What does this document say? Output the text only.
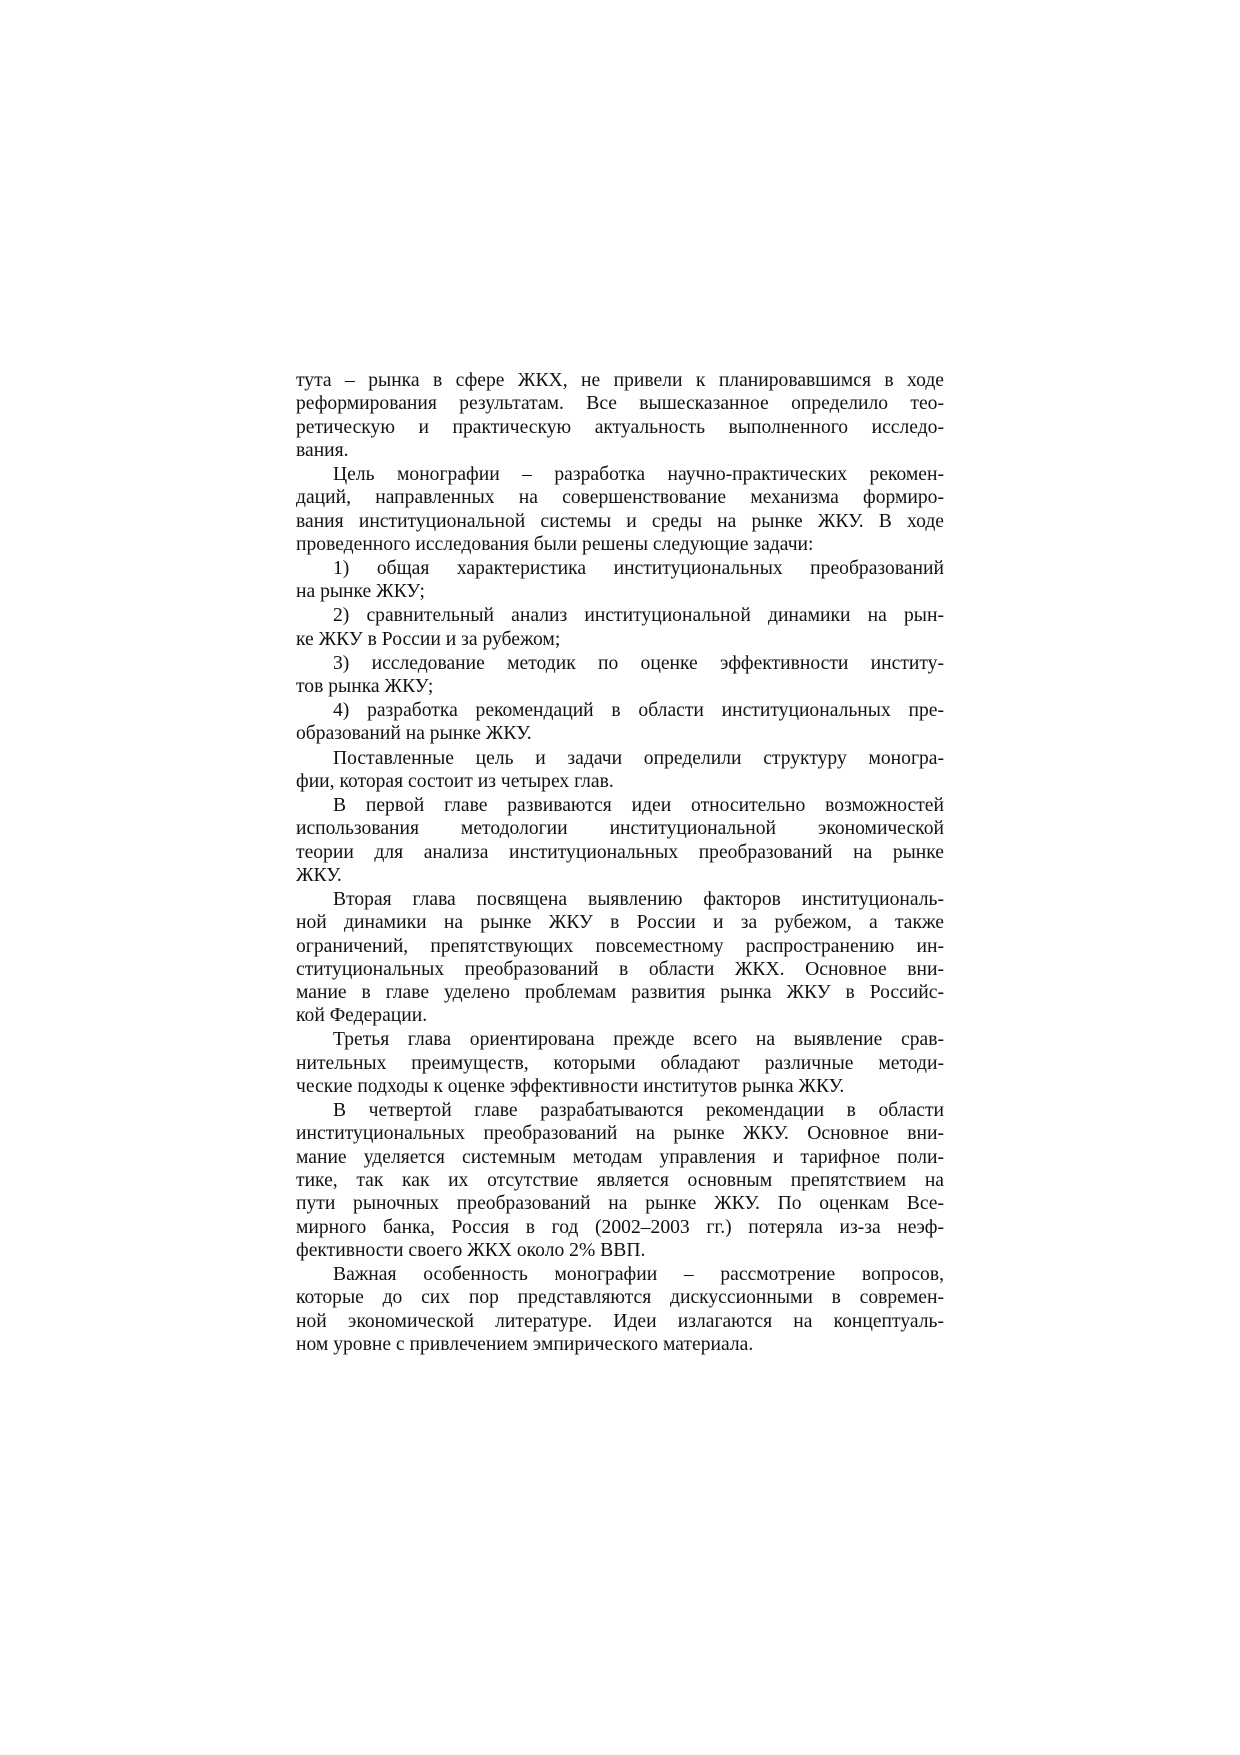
тута – рынка в сфере ЖКХ, не привели к планировавшимся в ходе
реформирования результатам. Все вышесказанное определило тео-
ретическую и практическую актуальность выполненного исследо-
вания.
Цель монографии – разработка научно-практических рекомен-
даций, направленных на совершенствование механизма формиро-
вания институциональной системы и среды на рынке ЖКУ. В ходе
проведенного исследования были решены следующие задачи:
1) общая характеристика институциональных преобразований
на рынке ЖКУ;
2) сравнительный анализ институциональной динамики на рын-
ке ЖКУ в России и за рубежом;
3) исследование методик по оценке эффективности институ-
тов рынка ЖКУ;
4) разработка рекомендаций в области институциональных пре-
образований на рынке ЖКУ.
Поставленные цель и задачи определили структуру моногра-
фии, которая состоит из четырех глав.
В первой главе развиваются идеи относительно возможностей
использования методологии институциональной экономической
теории для анализа институциональных преобразований на рынке
ЖКУ.
Вторая глава посвящена выявлению факторов институциональ-
ной динамики на рынке ЖКУ в России и за рубежом, а также
ограничений, препятствующих повсеместному распространению ин-
ституциональных преобразований в области ЖКХ. Основное вни-
мание в главе уделено проблемам развития рынка ЖКУ в Российс-
кой Федерации.
Третья глава ориентирована прежде всего на выявление срав-
нительных преимуществ, которыми обладают различные методи-
ческие подходы к оценке эффективности институтов рынка ЖКУ.
В четвертой главе разрабатываются рекомендации в области
институциональных преобразований на рынке ЖКУ. Основное вни-
мание уделяется системным методам управления и тарифное поли-
тике, так как их отсутствие является основным препятствием на
пути рыночных преобразований на рынке ЖКУ. По оценкам Все-
мирного банка, Россия в год (2002–2003 гг.) потеряла из-за неэф-
фективности своего ЖКХ около 2% ВВП.
Важная особенность монографии – рассмотрение вопросов,
которые до сих пор представляются дискуссионными в современ-
ной экономической литературе. Идеи излагаются на концептуаль-
ном уровне с привлечением эмпирического материала.
